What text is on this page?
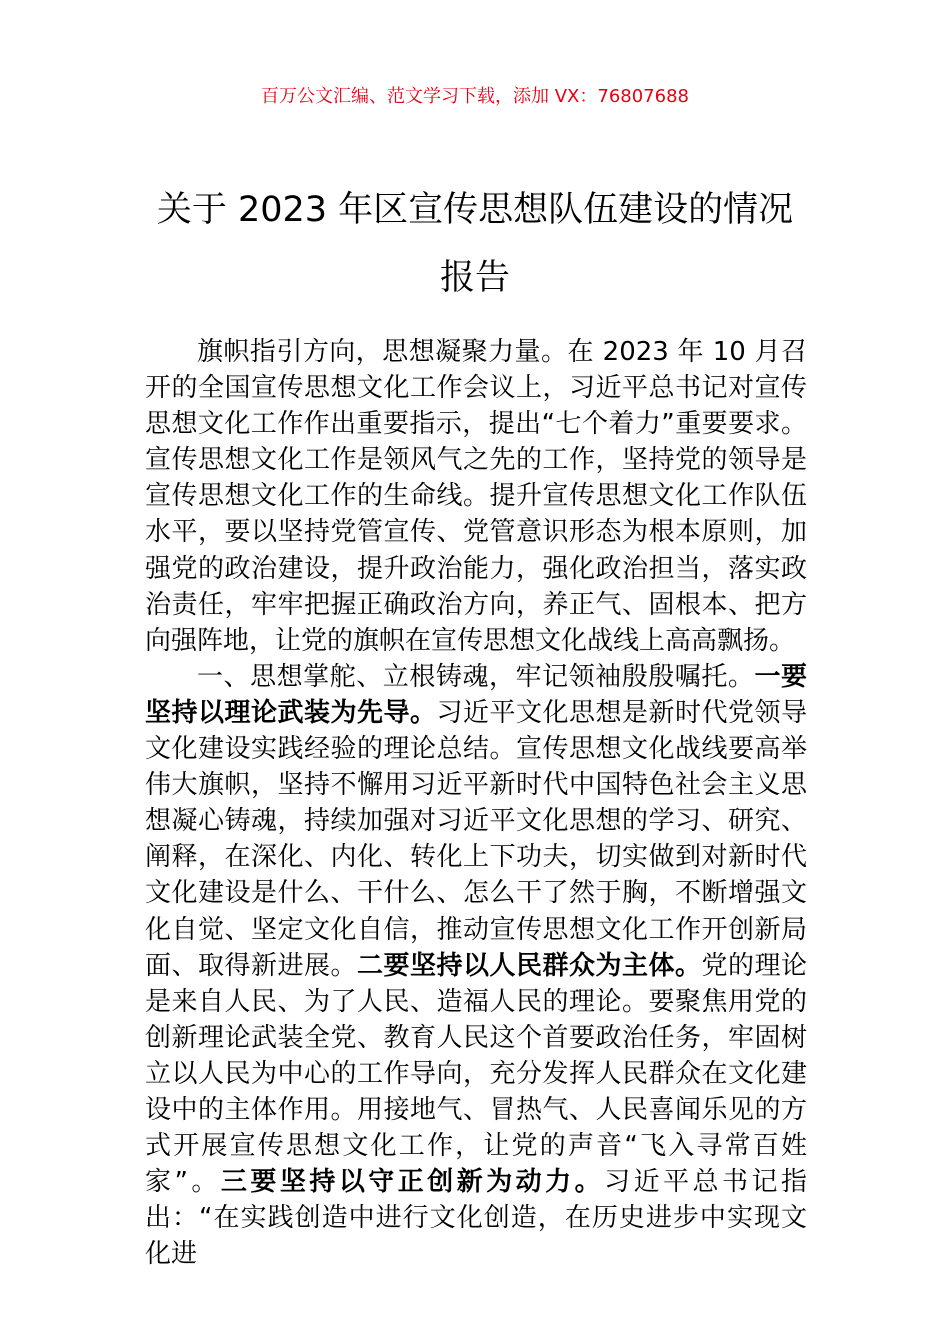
百万公文汇编、范文学习下载，添加 VX：76807688
关于 2023 年区宣传思想队伍建设的情况报告

旗帜指引方向，思想凝聚力量。在 2023 年 10 月召开的全国宣传思想文化工作会议上，习近平总书记对宣传思想文化工作作出重要指示，提出“七个着力”重要要求。宣传思想文化工作是领风气之先的工作，坚持党的领导是宣传思想文化工作的生命线。提升宣传思想文化工作队伍水平，要以坚持党管宣传、党管意识形态为根本原则，加强党的政治建设，提升政治能力，强化政治担当，落实政治责任，牢牢把握正确政治方向，养正气、固根本、把方向强阵地，让党的旗帜在宣传思想文化战线上高高飘扬。

一、思想掌舵、立根铸魂，牢记领袖殷殷嘱托。一要坚持以理论武装为先导。习近平文化思想是新时代党领导文化建设实践经验的理论总结。宣传思想文化战线要高举伟大旗帜，坚持不懈用习近平新时代中国特色社会主义思想凝心铸魂，持续加强对习近平文化思想的学习、研究、阐释，在深化、内化、转化上下功夫，切实做到对新时代文化建设是什么、干什么、怎么干了然于胸，不断增强文化自觉、坚定文化自信，推动宣传思想文化工作开创新局面、取得新进展。二要坚持以人民群众为主体。党的理论是来自人民、为了人民、造福人民的理论。要聚焦用党的创新理论武装全党、教育人民这个首要政治任务，牢固树立以人民为中心的工作导向，充分发挥人民群众在文化建设中的主体作用。用接地气、冒热气、人民喜闻乐见的方式开展宣传思想文化工作，让党的声音“飞入寻常百姓家”。三要坚持以守正创新为动力。习近平总书记指出：“在实践创造中进行文化创造，在历史进步中实现文化进
